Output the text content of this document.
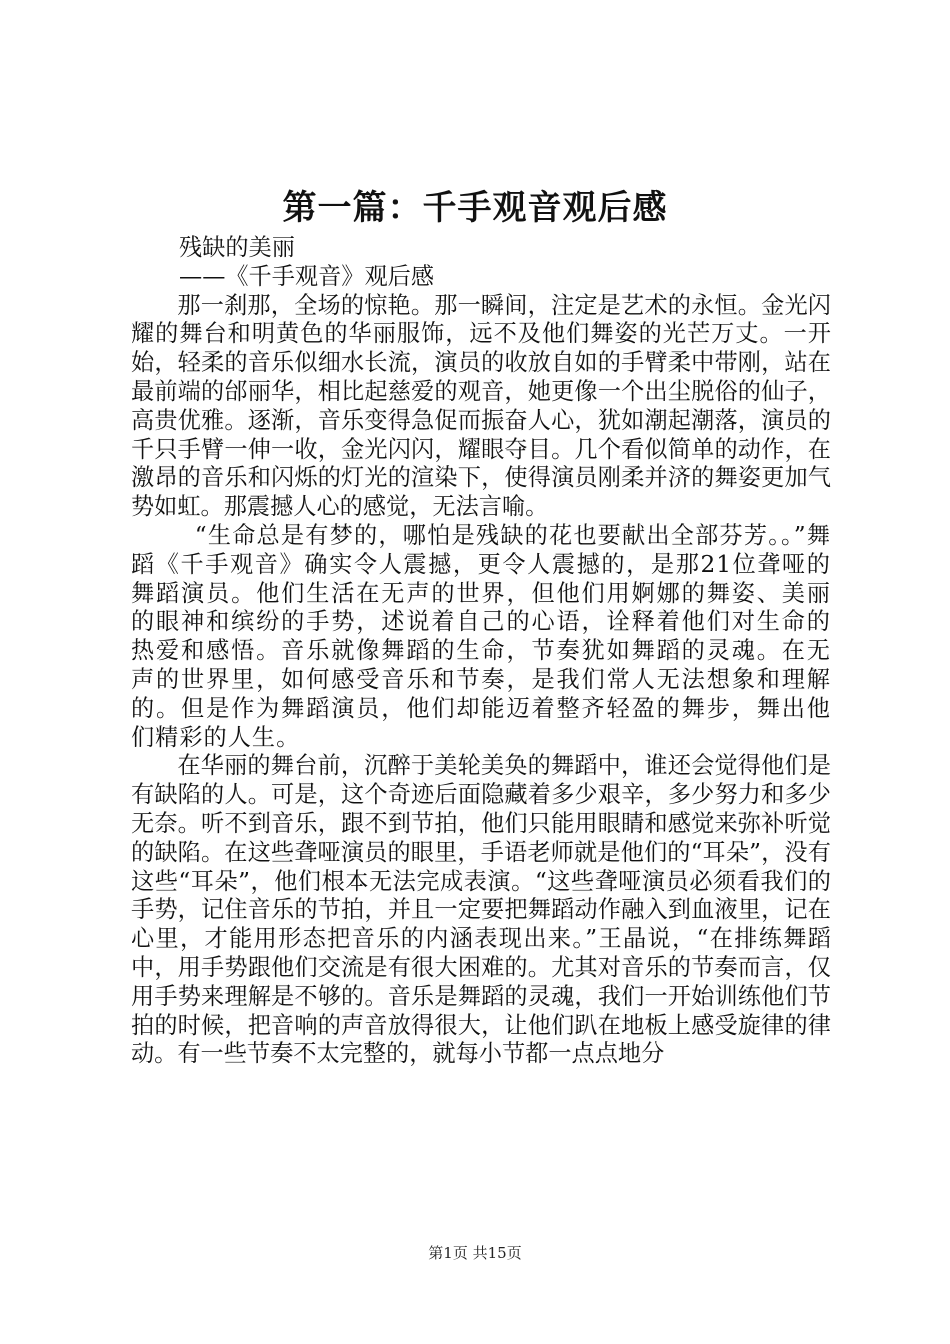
第一篇：千手观音观后感

残缺的美丽

——《千手观音》观后感

那一刹那，全场的惊艳。那一瞬间，注定是艺术的永恒。金光闪耀的舞台和明黄色的华丽服饰，远不及他们舞姿的光芒万丈。一开始，轻柔的音乐似细水长流，演员的收放自如的手臂柔中带刚，站在最前端的邰丽华，相比起慈爱的观音，她更像一个出尘脱俗的仙子，高贵优雅。逐渐，音乐变得急促而振奋人心，犹如潮起潮落，演员的千只手臂一伸一收，金光闪闪，耀眼夺目。几个看似简单的动作，在激昂的音乐和闪烁的灯光的渲染下，使得演员刚柔并济的舞姿更加气势如虹。那震撼人心的感觉，无法言喻。

“生命总是有梦的，哪怕是残缺的花也要献出全部芬芳。。”舞蹈《千手观音》确实令人震撼，更令人震撼的，是那21位聋哑的舞蹈演员。他们生活在无声的世界，但他们用婀娜的舞姿、美丽的眼神和缤纷的手势，述说着自己的心语，诠释着他们对生命的热爱和感悟。音乐就像舞蹈的生命，节奏犹如舞蹈的灵魂。在无声的世界里，如何感受音乐和节奏，是我们常人无法想象和理解的。但是作为舞蹈演员，他们却能迈着整齐轻盈的舞步，舞出他们精彩的人生。

在华丽的舞台前，沉醉于美轮美奂的舞蹈中，谁还会觉得他们是有缺陷的人。可是，这个奇迹后面隐藏着多少艰辛，多少努力和多少无奈。听不到音乐，跟不到节拍，他们只能用眼睛和感觉来弥补听觉的缺陷。在这些聋哑演员的眼里，手语老师就是他们的“耳朵”，没有这些“耳朵”，他们根本无法完成表演。“这些聋哑演员必须看我们的手势，记住音乐的节拍，并且一定要把舞蹈动作融入到血液里，记在心里，才能用形态把音乐的内涵表现出来。”王晶说，“在排练舞蹈中，用手势跟他们交流是有很大困难的。尤其对音乐的节奏而言，仅用手势来理解是不够的。音乐是舞蹈的灵魂，我们一开始训练他们节拍的时候，把音响的声音放得很大，让他们趴在地板上感受旋律的律动。有一些节奏不太完整的，就每小节都一点点地分

第1页 共15页
